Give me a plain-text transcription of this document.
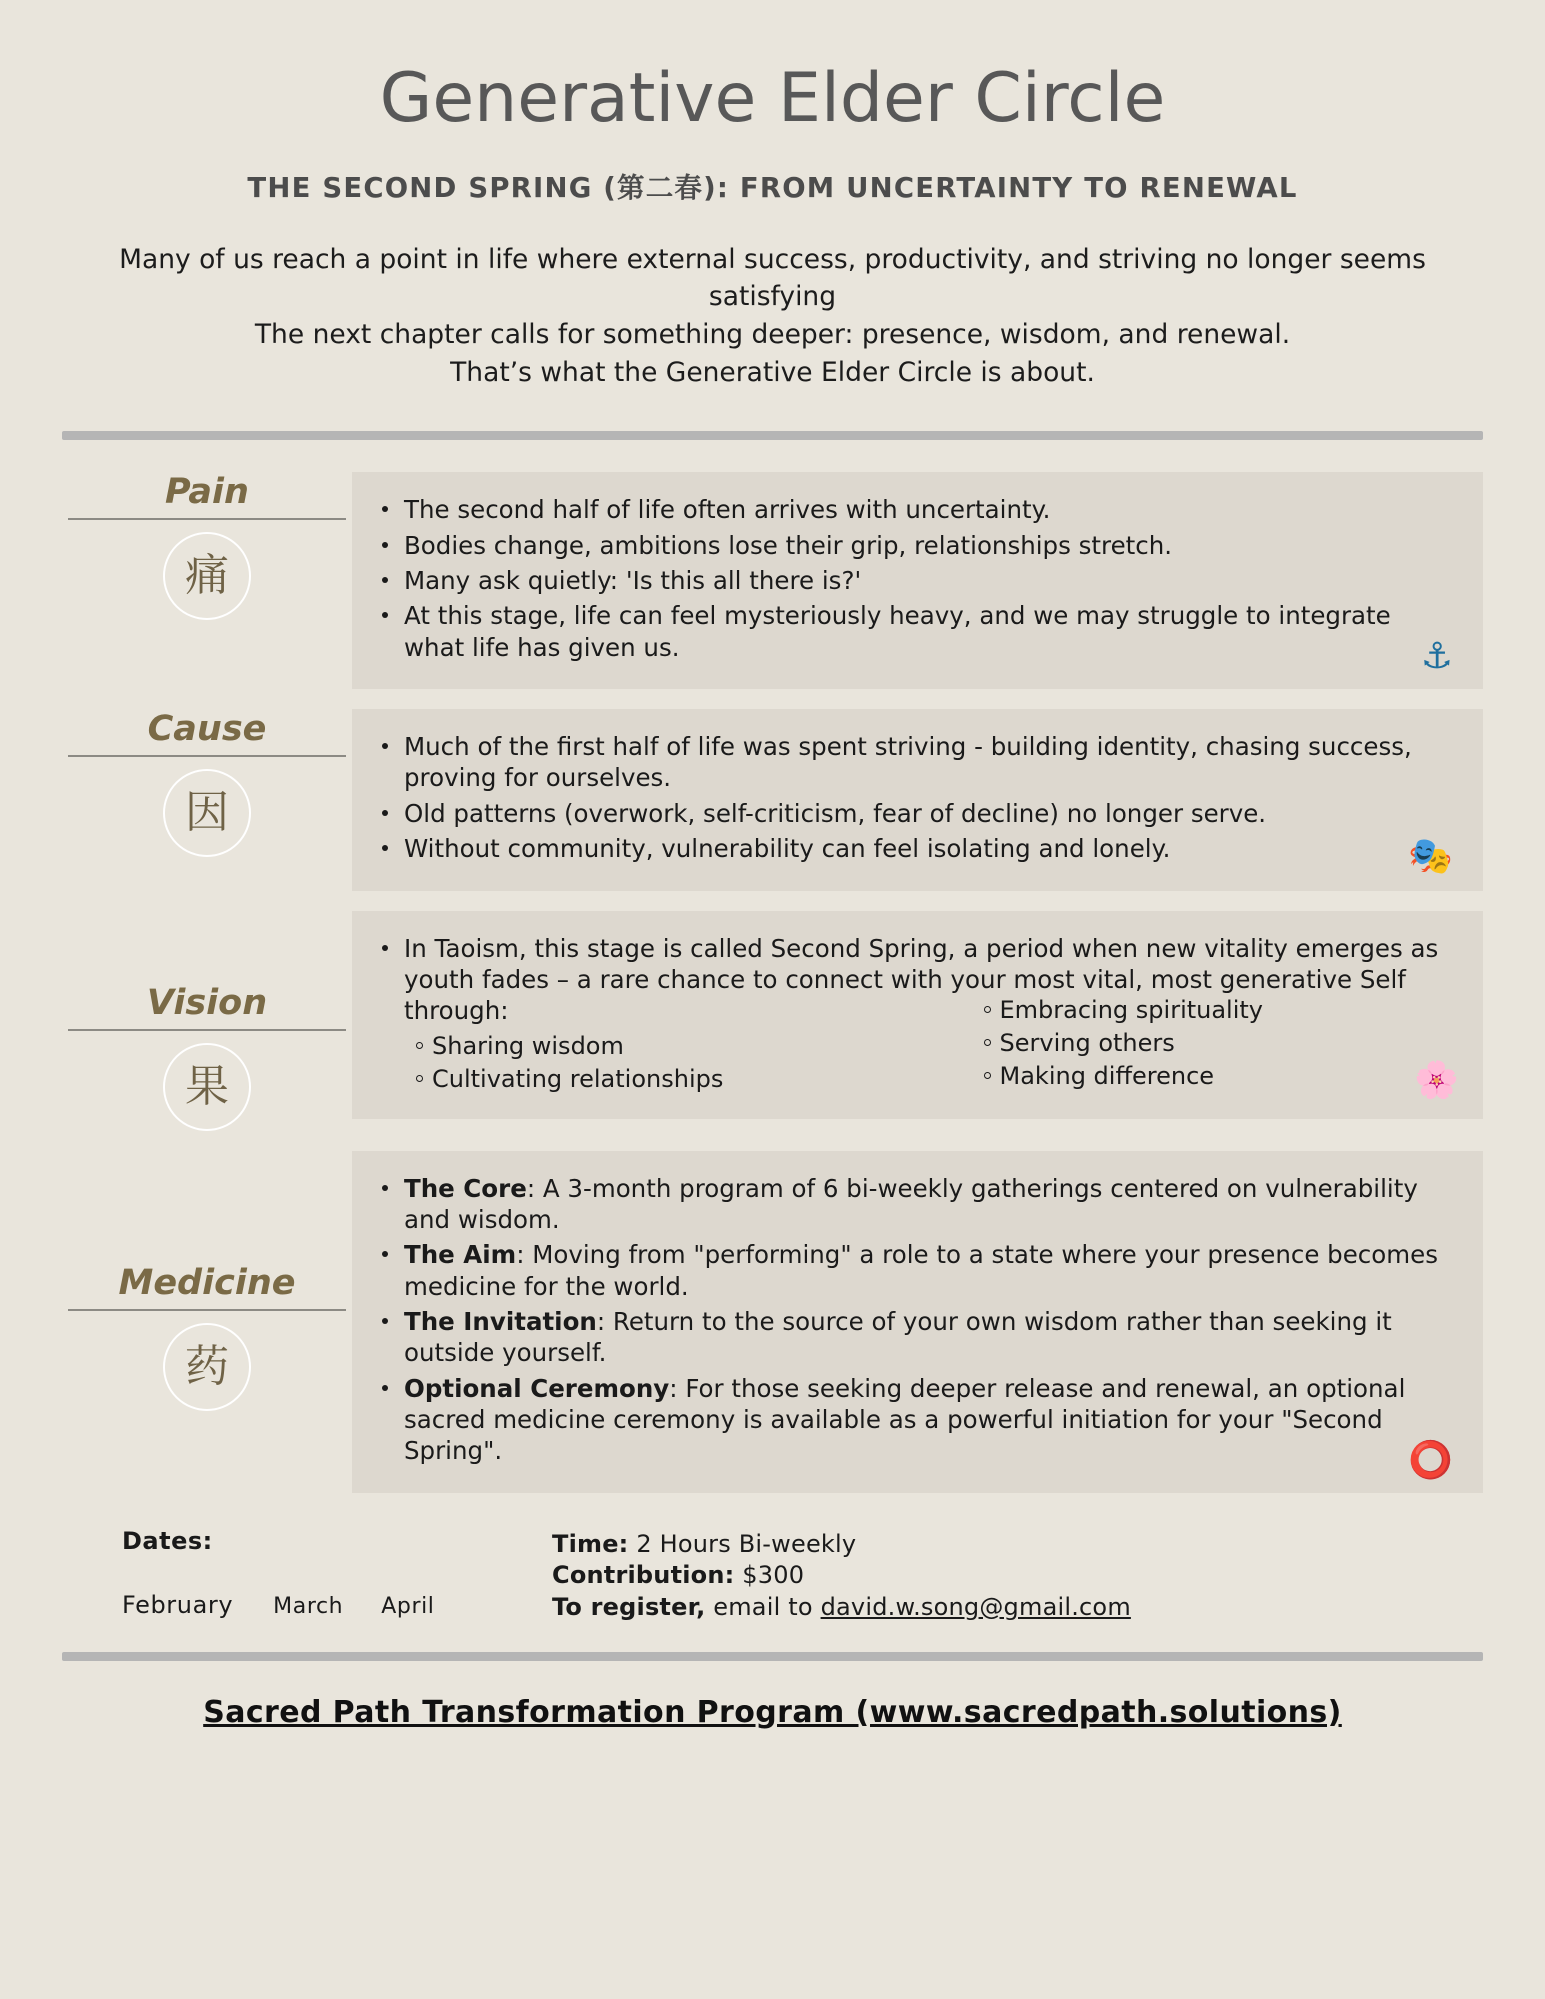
Generative Elder Circle
THE SECOND SPRING (第二春): FROM UNCERTAINTY TO RENEWAL
Many of us reach a point in life where external success, productivity, and striving no longer seems satisfying
The next chapter calls for something deeper: presence, wisdom, and renewal.
That’s what the Generative Elder Circle is about.
Pain
痛
The second half of life often arrives with uncertainty.
Bodies change, ambitions lose their grip, relationships stretch.
Many ask quietly: 'Is this all there is?'
At this stage, life can feel mysteriously heavy, and we may struggle to integrate what life has given us.	⚓
Cause
因
Much of the first half of life was spent striving - building identity, chasing success, proving for ourselves.
Old patterns (overwork, self-criticism, fear of decline) no longer serve.
Without community, vulnerability can feel isolating and lonely.	🎭
Vision
果
In Taoism, this stage is called Second Spring, a period when new vitality emerges as youth fades – a rare chance to connect with your most vital, most generative Self through:
Sharing wisdom
Cultivating relationships
Embracing spirituality
Serving others
Making difference	🌸
Medicine
药
The Core: A 3-month program of 6 bi-weekly gatherings centered on vulnerability and wisdom.
The Aim: Moving from "performing" a role to a state where your presence becomes medicine for the world.
The Invitation: Return to the source of your own wisdom rather than seeking it outside yourself.
Optional Ceremony: For those seeking deeper release and renewal, an optional sacred medicine ceremony is available as a powerful initiation for your "Second Spring".	⭕
Dates:
February March April
Time: 2 Hours Bi-weekly
Contribution: $300
To register, email to david.w.song@gmail.com
Sacred Path Transformation Program (www.sacredpath.solutions)
